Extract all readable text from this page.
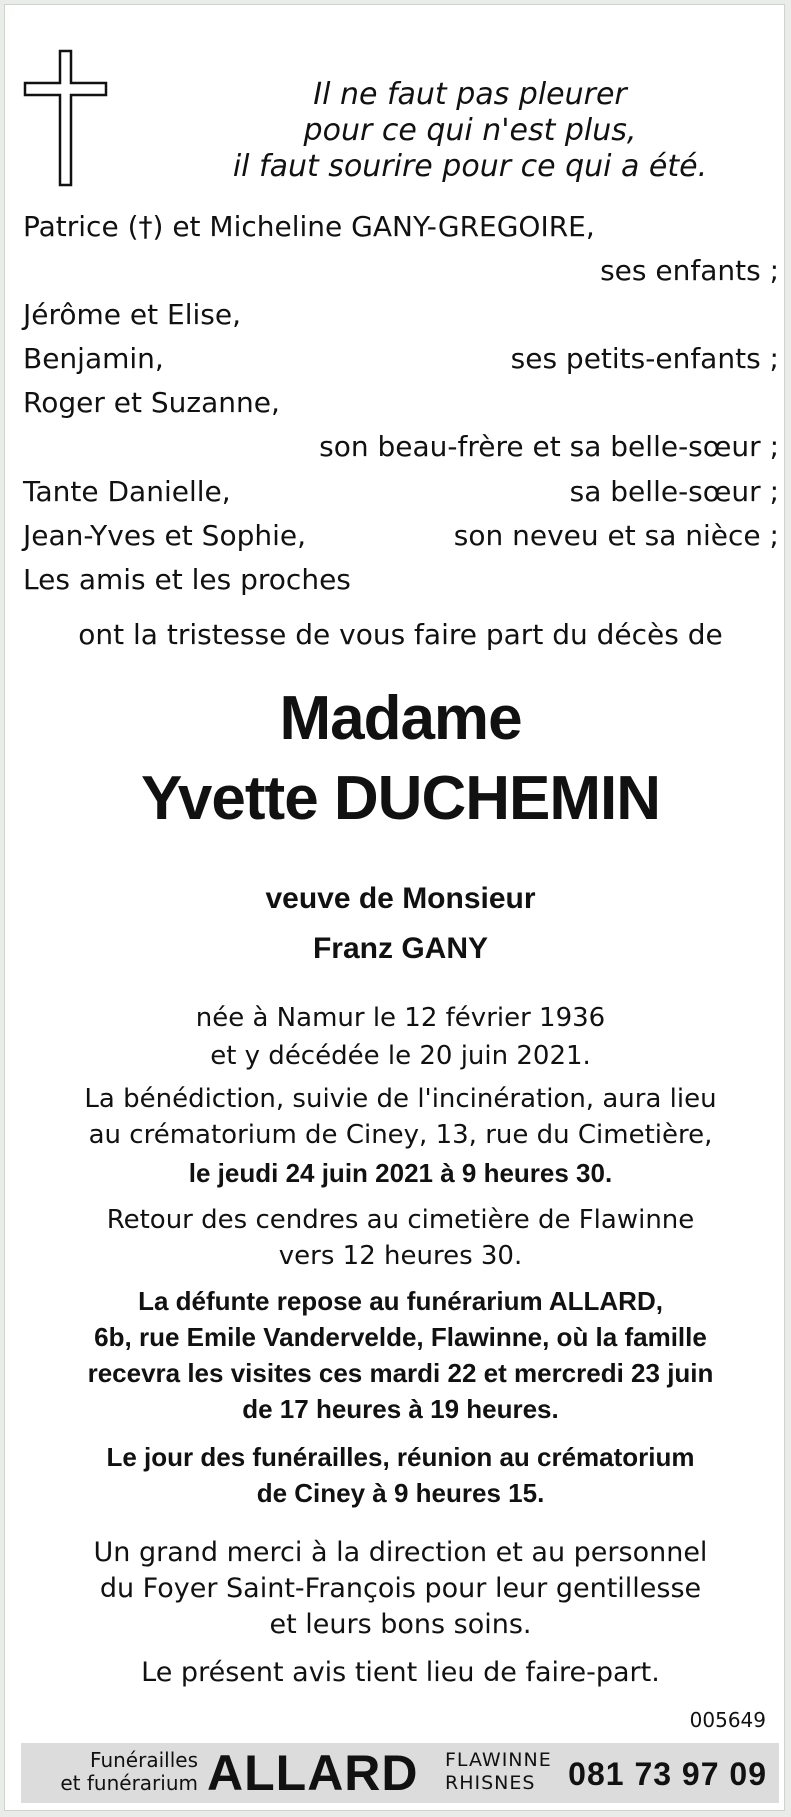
Il ne faut pas pleurer
pour ce qui n'est plus,
il faut sourire pour ce qui a été.
Patrice (†) et Micheline GANY-GREGOIRE,
ses enfants ;
Jérôme et Elise,
Benjamin,	ses petits-enfants ;
Roger et Suzanne,
son beau-frère et sa belle-sœur ;
Tante Danielle,	sa belle-sœur ;
Jean-Yves et Sophie,	son neveu et sa nièce ;
Les amis et les proches
ont la tristesse de vous faire part du décès de
Madame
Yvette DUCHEMIN
veuve de Monsieur
Franz GANY
née à Namur le 12 février 1936
et y décédée le 20 juin 2021.
La bénédiction, suivie de l'incinération, aura lieu
au crématorium de Ciney, 13, rue du Cimetière,
le jeudi 24 juin 2021 à 9 heures 30.
Retour des cendres au cimetière de Flawinne
vers 12 heures 30.
La défunte repose au funérarium ALLARD,
6b, rue Emile Vandervelde, Flawinne, où la famille
recevra les visites ces mardi 22 et mercredi 23 juin
de 17 heures à 19 heures.
Le jour des funérailles, réunion au crématorium
de Ciney à 9 heures 15.
Un grand merci à la direction et au personnel
du Foyer Saint-François pour leur gentillesse
et leurs bons soins.
Le présent avis tient lieu de faire-part.
005649
Funérailles
et funérarium ALLARD FLAWINNE
RHISNES	081 73 97 09
